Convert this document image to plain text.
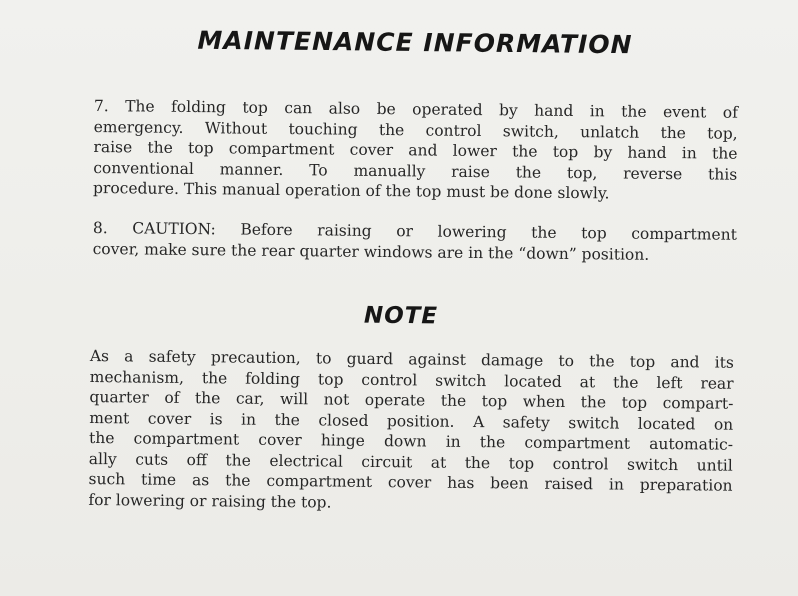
MAINTENANCE INFORMATION
7. The folding top can also be operated by hand in the event of
emergency. Without touching the control switch, unlatch the top,
raise the top compartment cover and lower the top by hand in the
conventional manner. To manually raise the top, reverse this
procedure. This manual operation of the top must be done slowly.
8. CAUTION: Before raising or lowering the top compartment
cover, make sure the rear quarter windows are in the “down” position.
NOTE
As a safety precaution, to guard against damage to the top and its
mechanism, the folding top control switch located at the left rear
quarter of the car, will not operate the top when the top compart-
ment cover is in the closed position. A safety switch located on
the compartment cover hinge down in the compartment automatic-
ally cuts off the electrical circuit at the top control switch until
such time as the compartment cover has been raised in preparation
for lowering or raising the top.
